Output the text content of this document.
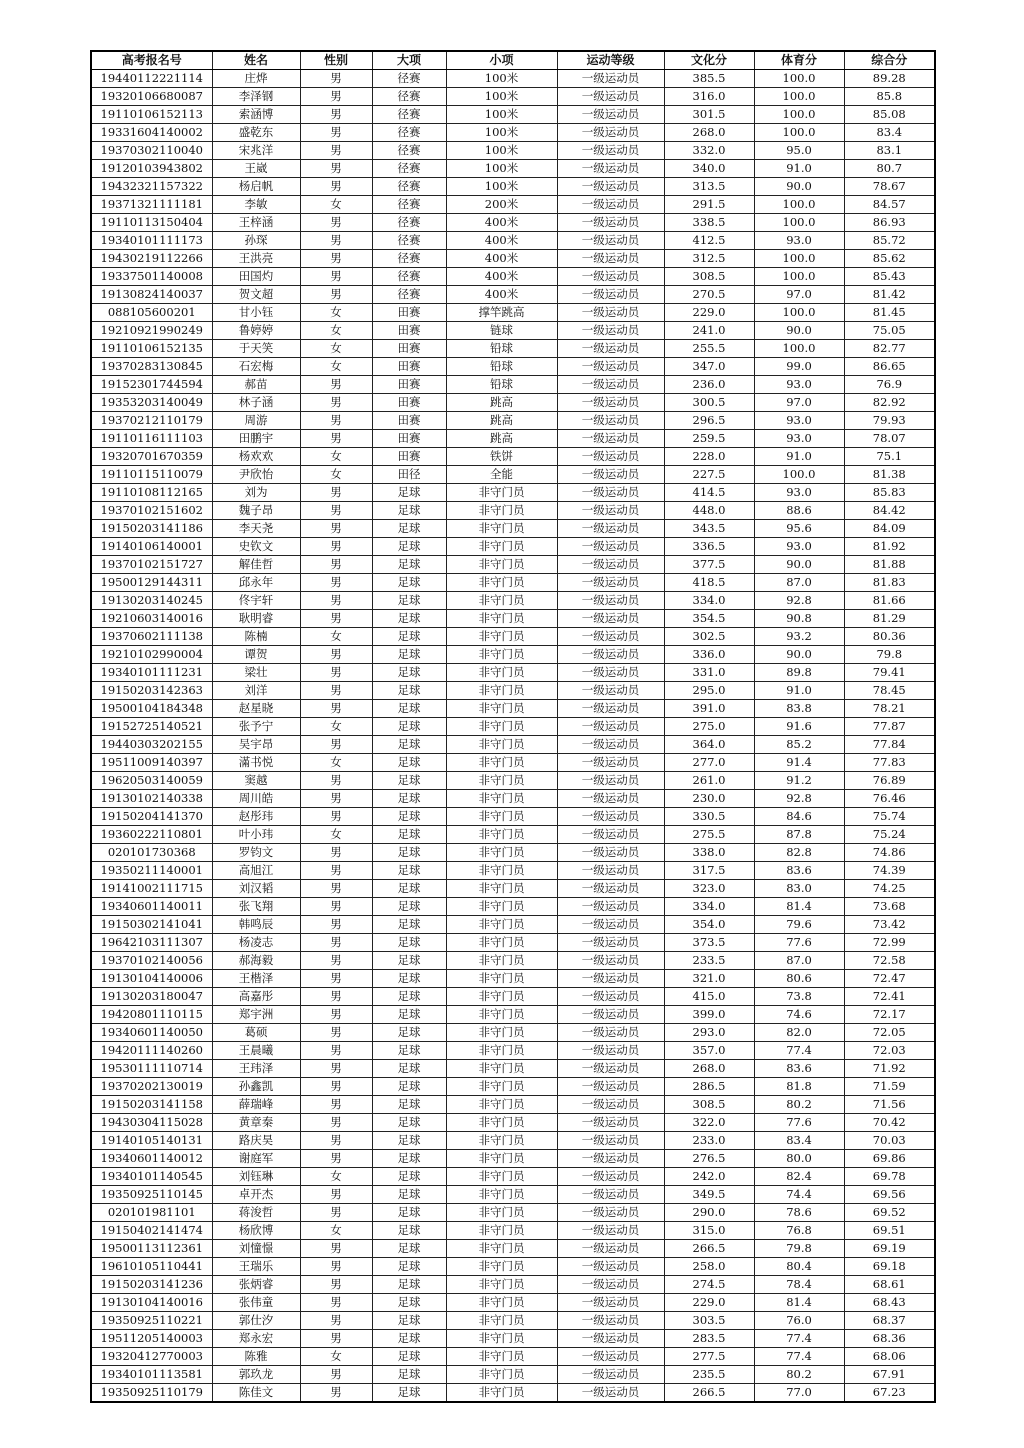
高考报名号	姓名	性别	大项	小项	运动等级	文化分	体育分	综合分
19440112221114	庄烨	男	径赛	100米	一级运动员	385.5	100.0	89.28
19320106680087	李泽钢	男	径赛	100米	一级运动员	316.0	100.0	85.8
19110106152113	索涵博	男	径赛	100米	一级运动员	301.5	100.0	85.08
19331604140002	盛乾东	男	径赛	100米	一级运动员	268.0	100.0	83.4
19370302110040	宋兆洋	男	径赛	100米	一级运动员	332.0	95.0	83.1
19120103943802	王崴	男	径赛	100米	一级运动员	340.0	91.0	80.7
19432321157322	杨启帆	男	径赛	100米	一级运动员	313.5	90.0	78.67
19371321111181	李敏	女	径赛	200米	一级运动员	291.5	100.0	84.57
19110113150404	王梓涵	男	径赛	400米	一级运动员	338.5	100.0	86.93
19340101111173	孙琛	男	径赛	400米	一级运动员	412.5	93.0	85.72
19430219112266	王洪亮	男	径赛	400米	一级运动员	312.5	100.0	85.62
19337501140008	田国灼	男	径赛	400米	一级运动员	308.5	100.0	85.43
19130824140037	贺文超	男	径赛	400米	一级运动员	270.5	97.0	81.42
088105600201	甘小钰	女	田赛	撑竿跳高	一级运动员	229.0	100.0	81.45
19210921990249	鲁婷婷	女	田赛	链球	一级运动员	241.0	90.0	75.05
19110106152135	于天笑	女	田赛	铅球	一级运动员	255.5	100.0	82.77
19370283130845	石宏梅	女	田赛	铅球	一级运动员	347.0	99.0	86.65
19152301744594	郝苗	男	田赛	铅球	一级运动员	236.0	93.0	76.9
19353203140049	林子涵	男	田赛	跳高	一级运动员	300.5	97.0	82.92
19370212110179	周游	男	田赛	跳高	一级运动员	296.5	93.0	79.93
19110116111103	田鹏宇	男	田赛	跳高	一级运动员	259.5	93.0	78.07
19320701670359	杨欢欢	女	田赛	铁饼	一级运动员	228.0	91.0	75.1
19110115110079	尹欣怡	女	田径	全能	一级运动员	227.5	100.0	81.38
19110108112165	刘为	男	足球	非守门员	一级运动员	414.5	93.0	85.83
19370102151602	魏子昂	男	足球	非守门员	一级运动员	448.0	88.6	84.42
19150203141186	李天尧	男	足球	非守门员	一级运动员	343.5	95.6	84.09
19140106140001	史钦文	男	足球	非守门员	一级运动员	336.5	93.0	81.92
19370102151727	解佳哲	男	足球	非守门员	一级运动员	377.5	90.0	81.88
19500129144311	邱永年	男	足球	非守门员	一级运动员	418.5	87.0	81.83
19130203140245	佟宇轩	男	足球	非守门员	一级运动员	334.0	92.8	81.66
19210603140016	耿明睿	男	足球	非守门员	一级运动员	354.5	90.8	81.29
19370602111138	陈楠	女	足球	非守门员	一级运动员	302.5	93.2	80.36
19210102990004	谭贺	男	足球	非守门员	一级运动员	336.0	90.0	79.8
19340101111231	梁壮	男	足球	非守门员	一级运动员	331.0	89.8	79.41
19150203142363	刘洋	男	足球	非守门员	一级运动员	295.0	91.0	78.45
19500104184348	赵星晓	男	足球	非守门员	一级运动员	391.0	83.8	78.21
19152725140521	张予宁	女	足球	非守门员	一级运动员	275.0	91.6	77.87
19440303202155	吴宇昂	男	足球	非守门员	一级运动员	364.0	85.2	77.84
19511009140397	滿书悦	女	足球	非守门员	一级运动员	277.0	91.4	77.83
19620503140059	窦越	男	足球	非守门员	一级运动员	261.0	91.2	76.89
19130102140338	周川皓	男	足球	非守门员	一级运动员	230.0	92.8	76.46
19150204141370	赵彤玮	男	足球	非守门员	一级运动员	330.5	84.6	75.74
19360222110801	叶小玮	女	足球	非守门员	一级运动员	275.5	87.8	75.24
020101730368	罗钧文	男	足球	非守门员	一级运动员	338.0	82.8	74.86
19350211140001	高旭江	男	足球	非守门员	一级运动员	317.5	83.6	74.39
19141002111715	刘汉韬	男	足球	非守门员	一级运动员	323.0	83.0	74.25
19340601140011	张飞翔	男	足球	非守门员	一级运动员	334.0	81.4	73.68
19150302141041	韩鸣辰	男	足球	非守门员	一级运动员	354.0	79.6	73.42
19642103111307	杨凌志	男	足球	非守门员	一级运动员	373.5	77.6	72.99
19370102140056	郝海毅	男	足球	非守门员	一级运动员	233.5	87.0	72.58
19130104140006	王楷泽	男	足球	非守门员	一级运动员	321.0	80.6	72.47
19130203180047	高嘉彤	男	足球	非守门员	一级运动员	415.0	73.8	72.41
19420801110115	郑宇洲	男	足球	非守门员	一级运动员	399.0	74.6	72.17
19340601140050	葛硕	男	足球	非守门员	一级运动员	293.0	82.0	72.05
19420111140260	王晨曦	男	足球	非守门员	一级运动员	357.0	77.4	72.03
19530111110714	王玮泽	男	足球	非守门员	一级运动员	268.0	83.6	71.92
19370202130019	孙鑫凯	男	足球	非守门员	一级运动员	286.5	81.8	71.59
19150203141158	薛瑞峰	男	足球	非守门员	一级运动员	308.5	80.2	71.56
19430304115028	黄章秦	男	足球	非守门员	一级运动员	322.0	77.6	70.42
19140105140131	路庆昊	男	足球	非守门员	一级运动员	233.0	83.4	70.03
19340601140012	谢庭军	男	足球	非守门员	一级运动员	276.5	80.0	69.86
19340101140545	刘钰琳	女	足球	非守门员	一级运动员	242.0	82.4	69.78
19350925110145	卓开杰	男	足球	非守门员	一级运动员	349.5	74.4	69.56
020101981101	蒋浚哲	男	足球	非守门员	一级运动员	290.0	78.6	69.52
19150402141474	杨欣博	女	足球	非守门员	一级运动员	315.0	76.8	69.51
19500113112361	刘憧憬	男	足球	非守门员	一级运动员	266.5	79.8	69.19
19610105110441	王瑞乐	男	足球	非守门员	一级运动员	258.0	80.4	69.18
19150203141236	张炳睿	男	足球	非守门员	一级运动员	274.5	78.4	68.61
19130104140016	张伟童	男	足球	非守门员	一级运动员	229.0	81.4	68.43
19350925110221	郭仕汐	男	足球	非守门员	一级运动员	303.5	76.0	68.37
19511205140003	郑永宏	男	足球	非守门员	一级运动员	283.5	77.4	68.36
19320412770003	陈雅	女	足球	非守门员	一级运动员	277.5	77.4	68.06
19340101113581	郭玖龙	男	足球	非守门员	一级运动员	235.5	80.2	67.91
19350925110179	陈佳文	男	足球	非守门员	一级运动员	266.5	77.0	67.23
